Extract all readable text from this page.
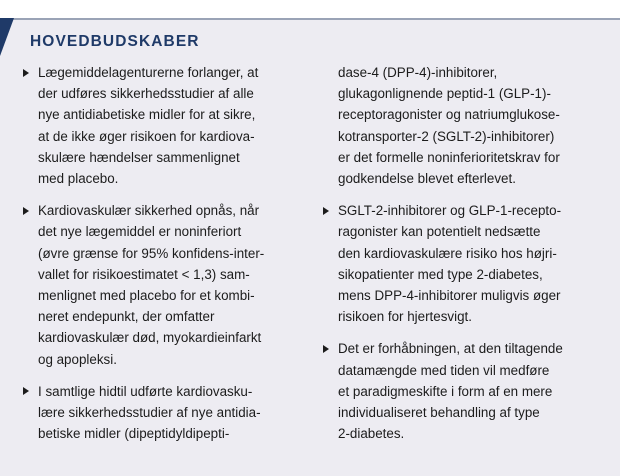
HOVEDBUDSKABER
Lægemiddelagenturerne forlanger, at
der udføres sikkerhedsstudier af alle
nye antidiabetiske midler for at sikre,
at de ikke øger risikoen for kardiova-
skulære hændelser sammenlignet
med placebo.
Kardiovaskulær sikkerhed opnås, når
det nye lægemiddel er noninferiort
(øvre grænse for 95% konfidens-inter-
vallet for risikoestimatet < 1,3) sam-
menlignet med placebo for et kombi-
neret endepunkt, der omfatter
kardiovaskulær død, myokardieinfarkt
og apopleksi.
I samtlige hidtil udførte kardiovasku-
lære sikkerhedsstudier af nye antidia-
betiske midler (dipeptidyldipepti-
dase-4 (DPP-4)-inhibitorer,
glukagonlignende peptid-1 (GLP-1)-
receptoragonister og natriumglukose-
kotransporter-2 (SGLT-2)-inhibitorer)
er det formelle noninferioritetskrav for
godkendelse blevet efterlevet.
SGLT-2-inhibitorer og GLP-1-recepto-
ragonister kan potentielt nedsætte
den kardiovaskulære risiko hos højri-
sikopatienter med type 2-diabetes,
mens DPP-4-inhibitorer muligvis øger
risikoen for hjertesvigt.
Det er forhåbningen, at den tiltagende
datamængde med tiden vil medføre
et paradigmeskifte i form af en mere
individualiseret behandling af type
2-diabetes.
